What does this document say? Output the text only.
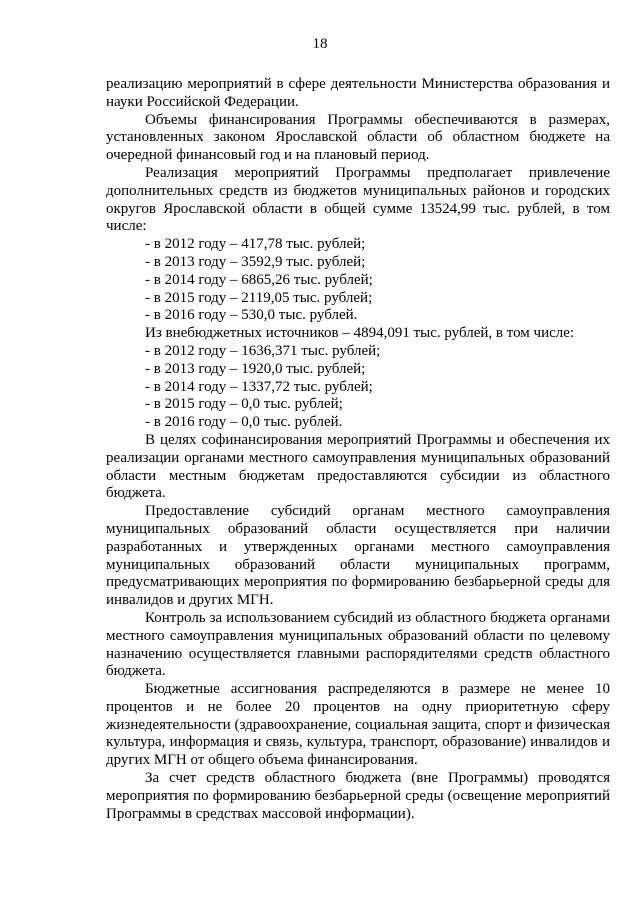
18

реализацию мероприятий в сфере деятельности Министерства образования и науки Российской Федерации.

Объемы финансирования Программы обеспечиваются в размерах, установленных законом Ярославской области об областном бюджете на очередной финансовый год и на плановый период.

Реализация мероприятий Программы предполагает привлечение дополнительных средств из бюджетов муниципальных районов и городских округов Ярославской области в общей сумме 13524,99 тыс. рублей, в том числе:

- в 2012 году – 417,78 тыс. рублей;

- в 2013 году – 3592,9 тыс. рублей;

- в 2014 году – 6865,26 тыс. рублей;

- в 2015 году – 2119,05 тыс. рублей;

- в 2016 году – 530,0 тыс. рублей.

Из внебюджетных источников – 4894,091 тыс. рублей, в том числе:

- в 2012 году – 1636,371 тыс. рублей;

- в 2013 году – 1920,0 тыс. рублей;

- в 2014 году – 1337,72 тыс. рублей;

- в 2015 году – 0,0 тыс. рублей;

- в 2016 году – 0,0 тыс. рублей.

В целях софинансирования мероприятий Программы и обеспечения их реализации органами местного самоуправления муниципальных образований области местным бюджетам предоставляются субсидии из областного бюджета.

Предоставление субсидий органам местного самоуправления муниципальных образований области осуществляется при наличии разработанных и утвержденных органами местного самоуправления муниципальных образований области муниципальных программ, предусматривающих мероприятия по формированию безбарьерной среды для инвалидов и других МГН.

Контроль за использованием субсидий из областного бюджета органами местного самоуправления муниципальных образований области по целевому назначению осуществляется главными распорядителями средств областного бюджета.

Бюджетные ассигнования распределяются в размере не менее 10 процентов и не более 20 процентов на одну приоритетную сферу жизнедеятельности (здравоохранение, социальная защита, спорт и физическая культура, информация и связь, культура, транспорт, образование) инвалидов и других МГН от общего объема финансирования.

За счет средств областного бюджета (вне Программы) проводятся мероприятия по формированию безбарьерной среды (освещение мероприятий Программы в средствах массовой информации).
